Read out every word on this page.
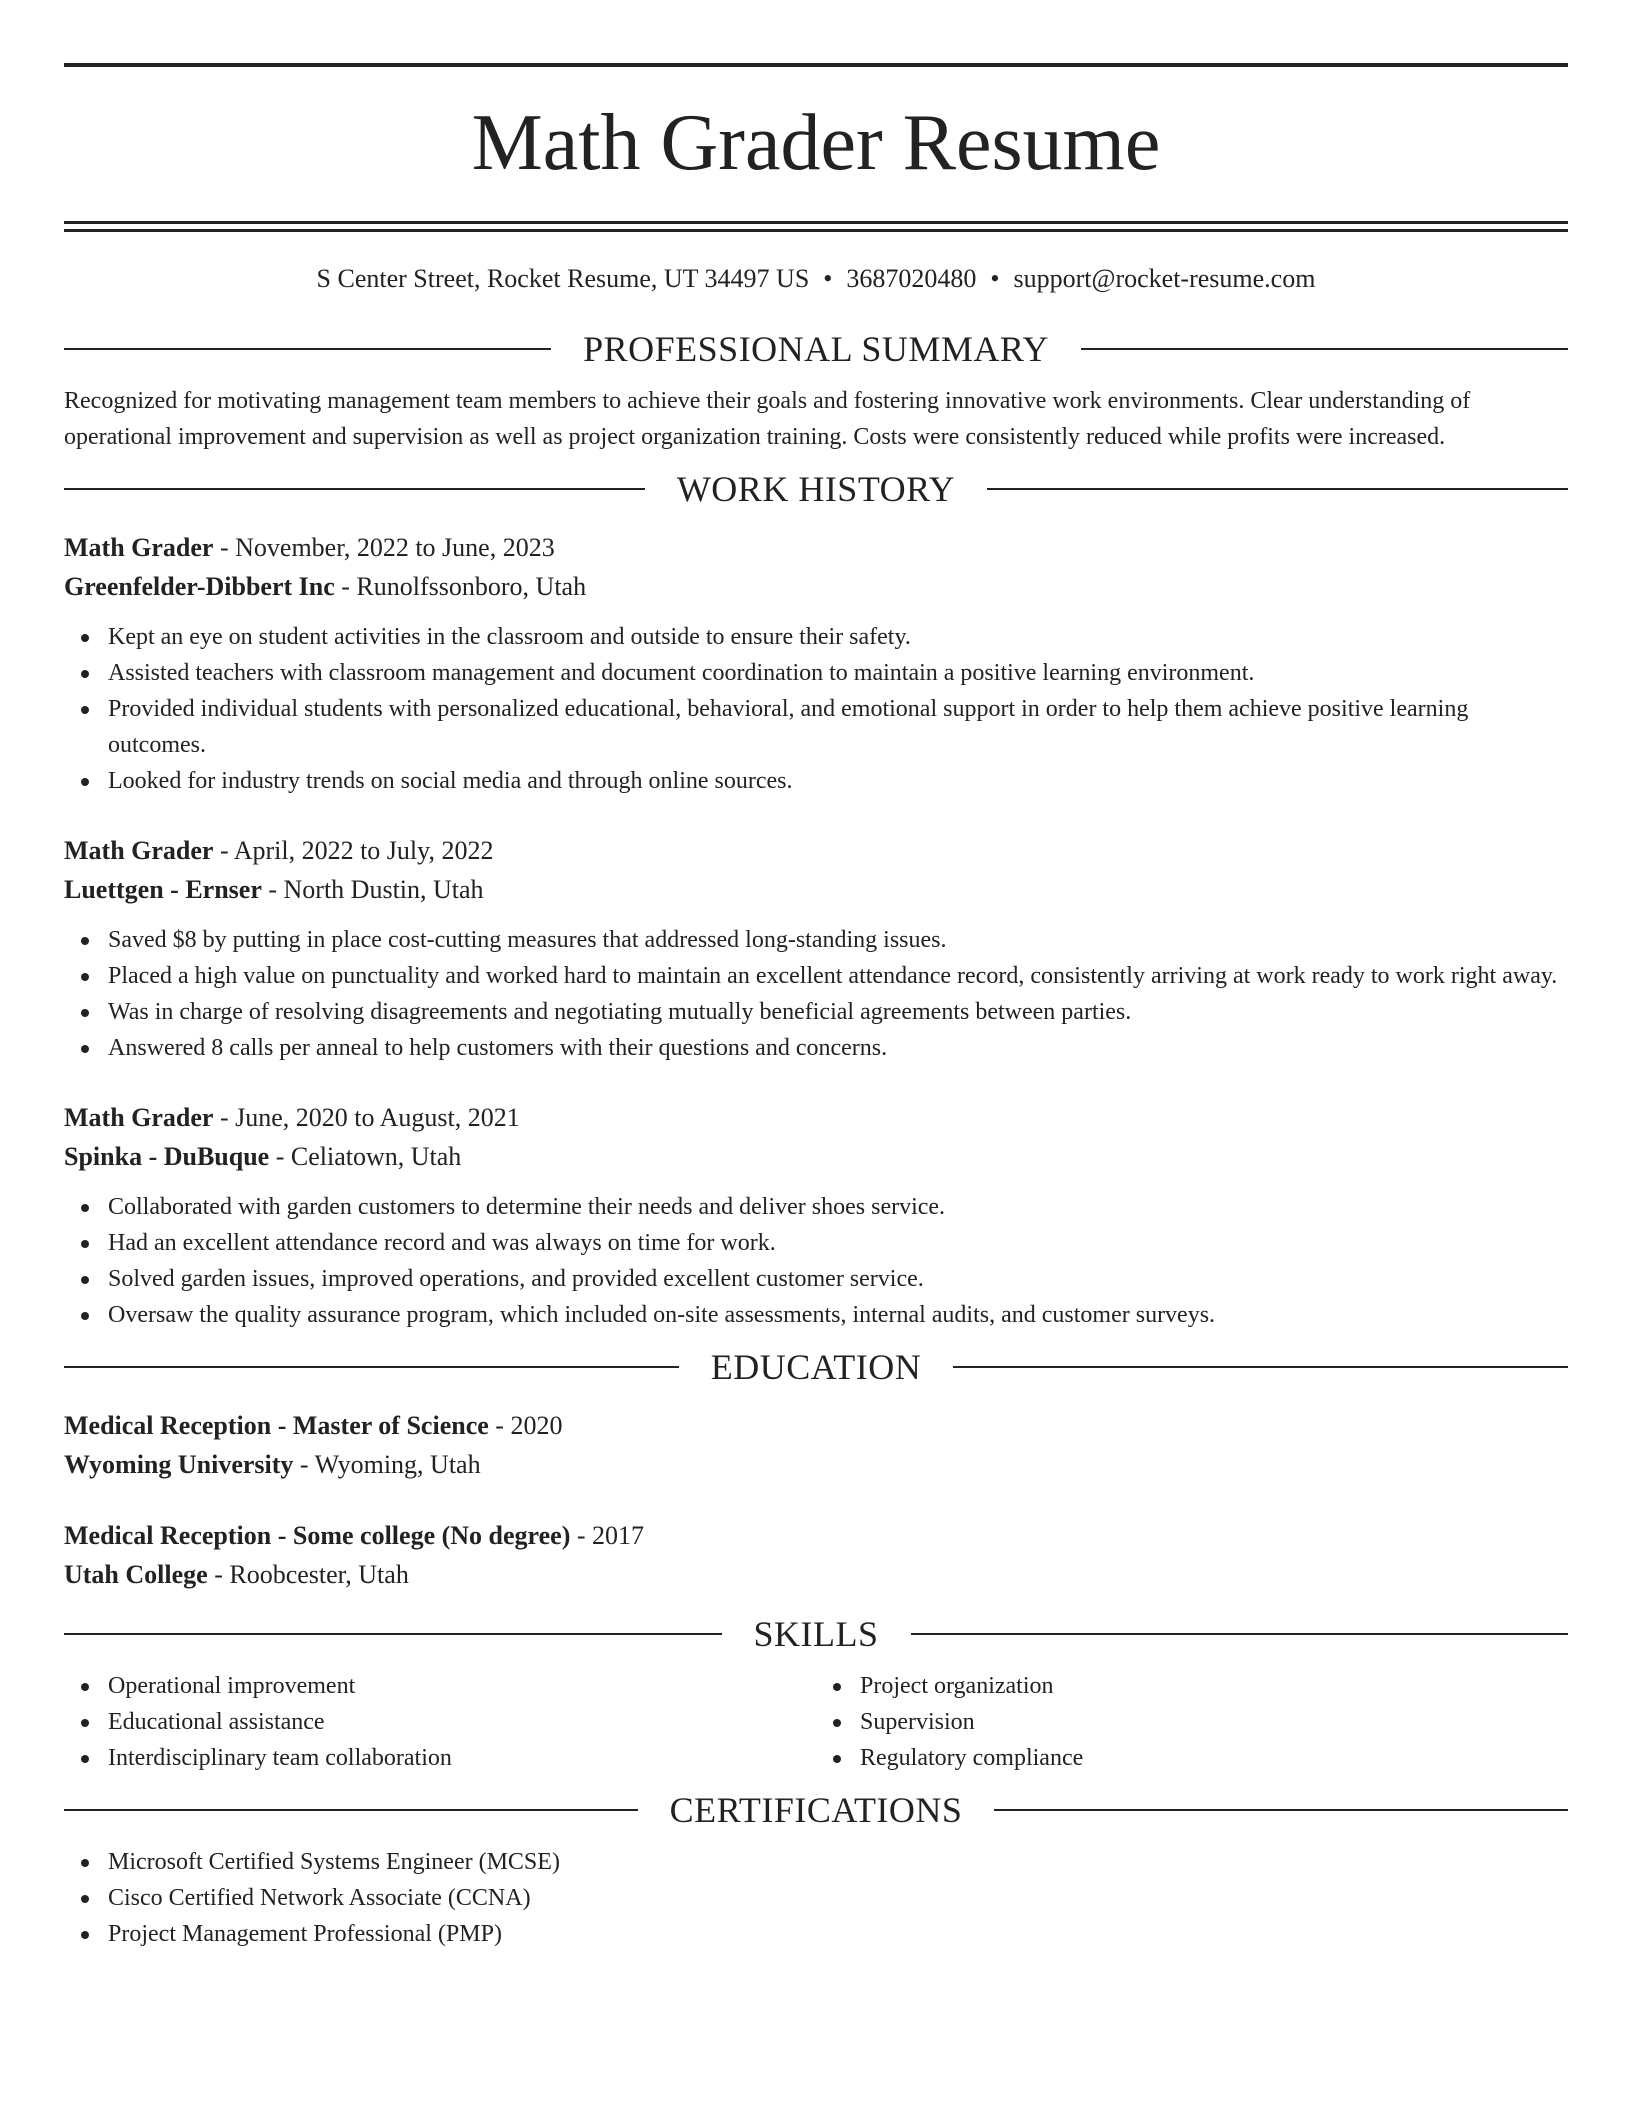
Math Grader Resume
S Center Street, Rocket Resume, UT 34497 US • 3687020480 • support@rocket-resume.com
PROFESSIONAL SUMMARY

Recognized for motivating management team members to achieve their goals and fostering innovative work environments. Clear understanding of operational improvement and supervision as well as project organization training. Costs were consistently reduced while profits were increased.

WORK HISTORY
Math Grader - November, 2022 to June, 2023
Greenfelder-Dibbert Inc - Runolfssonboro, Utah
Kept an eye on student activities in the classroom and outside to ensure their safety.
Assisted teachers with classroom management and document coordination to maintain a positive learning environment.
Provided individual students with personalized educational, behavioral, and emotional support in order to help them achieve positive learning outcomes.
Looked for industry trends on social media and through online sources.
Math Grader - April, 2022 to July, 2022
Luettgen - Ernser - North Dustin, Utah
Saved $8 by putting in place cost-cutting measures that addressed long-standing issues.
Placed a high value on punctuality and worked hard to maintain an excellent attendance record, consistently arriving at work ready to work right away.
Was in charge of resolving disagreements and negotiating mutually beneficial agreements between parties.
Answered 8 calls per anneal to help customers with their questions and concerns.
Math Grader - June, 2020 to August, 2021
Spinka - DuBuque - Celiatown, Utah
Collaborated with garden customers to determine their needs and deliver shoes service.
Had an excellent attendance record and was always on time for work.
Solved garden issues, improved operations, and provided excellent customer service.
Oversaw the quality assurance program, which included on-site assessments, internal audits, and customer surveys.
EDUCATION
Medical Reception - Master of Science - 2020
Wyoming University - Wyoming, Utah
Medical Reception - Some college (No degree) - 2017
Utah College - Roobcester, Utah
SKILLS
Operational improvement
Educational assistance
Interdisciplinary team collaboration
Project organization
Supervision
Regulatory compliance
CERTIFICATIONS
Microsoft Certified Systems Engineer (MCSE)
Cisco Certified Network Associate (CCNA)
Project Management Professional (PMP)
